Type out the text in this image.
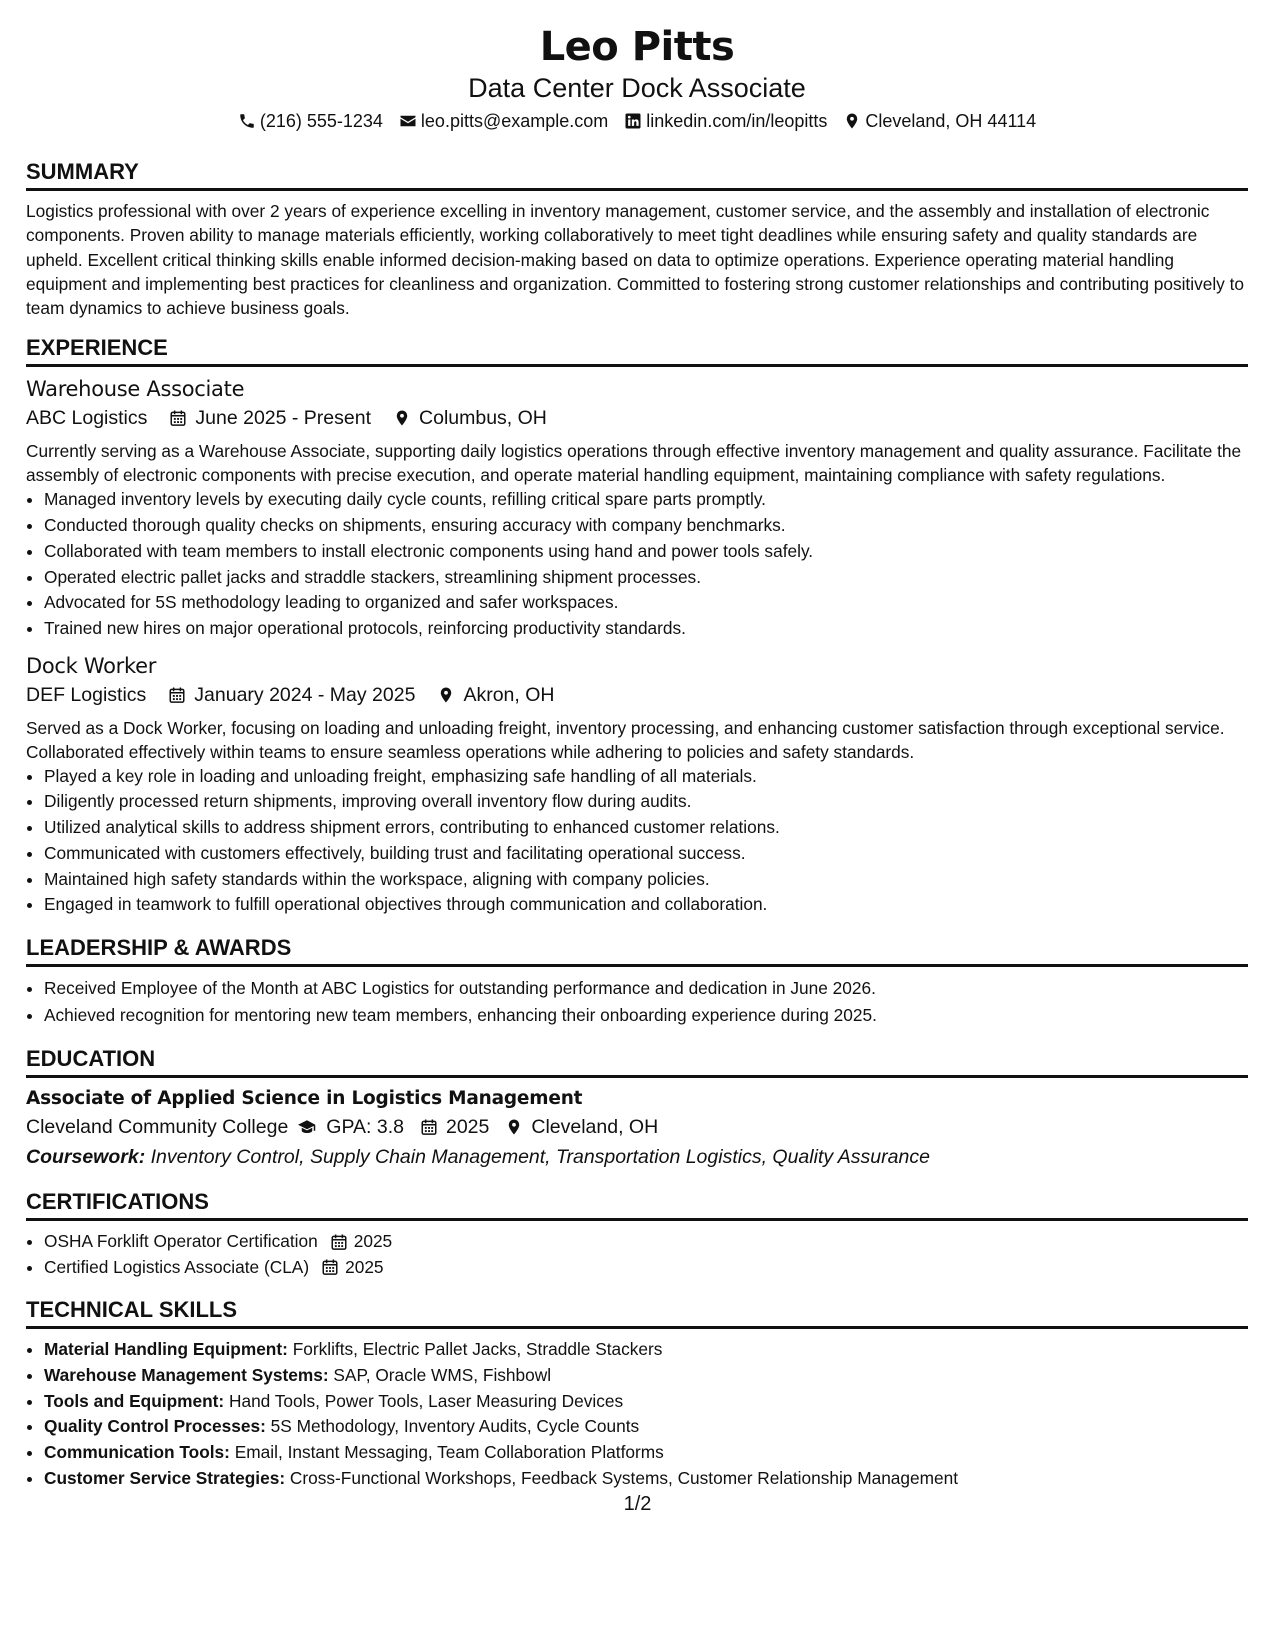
Leo Pitts
Data Center Dock Associate
(216) 555-1234 leo.pitts@example.com linkedin.com/in/leopitts Cleveland, OH 44114
SUMMARY
Logistics professional with over 2 years of experience excelling in inventory management, customer service, and the assembly and installation of electronic components. Proven ability to manage materials efficiently, working collaboratively to meet tight deadlines while ensuring safety and quality standards are upheld. Excellent critical thinking skills enable informed decision-making based on data to optimize operations. Experience operating material handling equipment and implementing best practices for cleanliness and organization. Committed to fostering strong customer relationships and contributing positively to team dynamics to achieve business goals.
EXPERIENCE
Warehouse Associate
ABC Logistics June 2025 - Present Columbus, OH
Currently serving as a Warehouse Associate, supporting daily logistics operations through effective inventory management and quality assurance. Facilitate the assembly of electronic components with precise execution, and operate material handling equipment, maintaining compliance with safety regulations.
• Managed inventory levels by executing daily cycle counts, refilling critical spare parts promptly.
• Conducted thorough quality checks on shipments, ensuring accuracy with company benchmarks.
• Collaborated with team members to install electronic components using hand and power tools safely.
• Operated electric pallet jacks and straddle stackers, streamlining shipment processes.
• Advocated for 5S methodology leading to organized and safer workspaces.
• Trained new hires on major operational protocols, reinforcing productivity standards.
Dock Worker
DEF Logistics January 2024 - May 2025 Akron, OH
Served as a Dock Worker, focusing on loading and unloading freight, inventory processing, and enhancing customer satisfaction through exceptional service. Collaborated effectively within teams to ensure seamless operations while adhering to policies and safety standards.
• Played a key role in loading and unloading freight, emphasizing safe handling of all materials.
• Diligently processed return shipments, improving overall inventory flow during audits.
• Utilized analytical skills to address shipment errors, contributing to enhanced customer relations.
• Communicated with customers effectively, building trust and facilitating operational success.
• Maintained high safety standards within the workspace, aligning with company policies.
• Engaged in teamwork to fulfill operational objectives through communication and collaboration.
LEADERSHIP & AWARDS
• Received Employee of the Month at ABC Logistics for outstanding performance and dedication in June 2026.
• Achieved recognition for mentoring new team members, enhancing their onboarding experience during 2025.
EDUCATION
Associate of Applied Science in Logistics Management
Cleveland Community College GPA: 3.8 2025 Cleveland, OH
Coursework: Inventory Control, Supply Chain Management, Transportation Logistics, Quality Assurance
CERTIFICATIONS
• OSHA Forklift Operator Certification 2025
• Certified Logistics Associate (CLA) 2025
TECHNICAL SKILLS
• Material Handling Equipment: Forklifts, Electric Pallet Jacks, Straddle Stackers
• Warehouse Management Systems: SAP, Oracle WMS, Fishbowl
• Tools and Equipment: Hand Tools, Power Tools, Laser Measuring Devices
• Quality Control Processes: 5S Methodology, Inventory Audits, Cycle Counts
• Communication Tools: Email, Instant Messaging, Team Collaboration Platforms
• Customer Service Strategies: Cross-Functional Workshops, Feedback Systems, Customer Relationship Management
1/2
